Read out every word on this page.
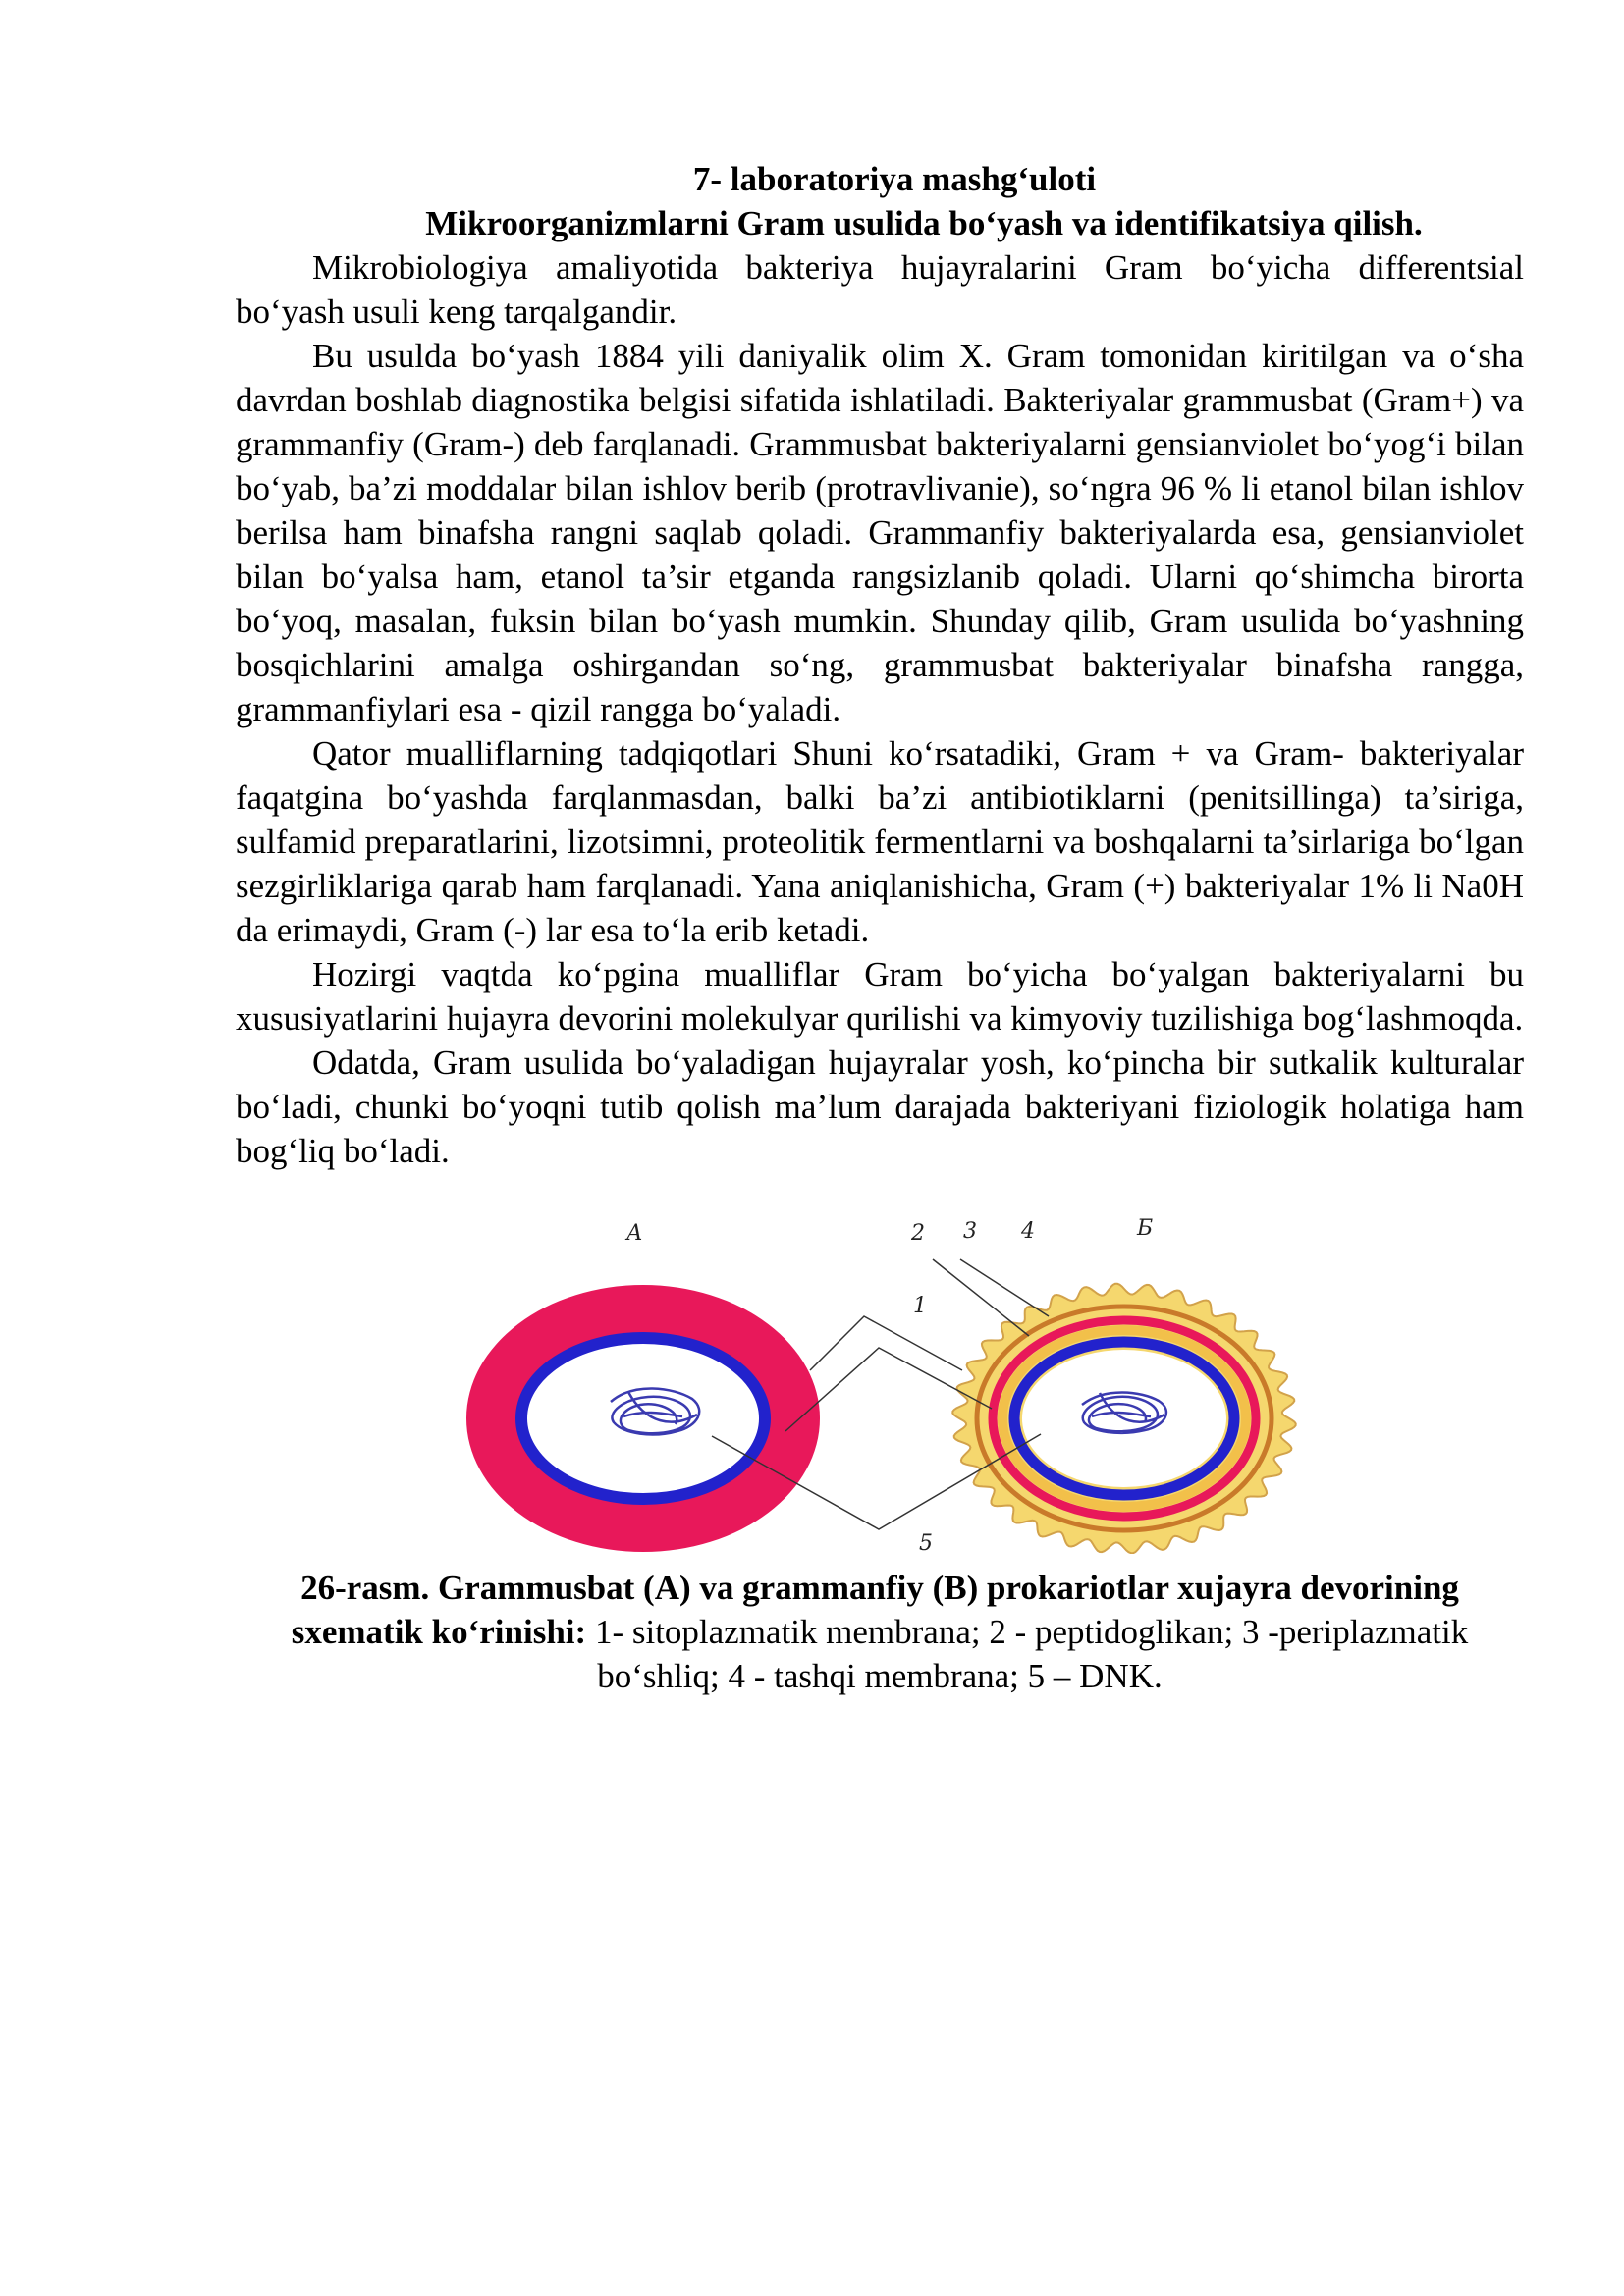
7- laboratoriya mashg‘uloti

Mikroorganizmlarni Gram usulida bo‘yash va identifikatsiya qilish.

Mikrobiologiya amaliyotida bakteriya hujayralarini Gram bo‘yicha differentsial bo‘yash usuli keng tarqalgandir.

Bu usulda bo‘yash 1884 yili daniyalik olim X. Gram tomonidan kiritilgan va o‘sha davrdan boshlab diagnostika belgisi sifatida ishlatiladi. Bakteriyalar grammusbat (Gram+) va grammanfiy (Gram-) deb farqlanadi. Grammusbat bakteriyalarni gensianviolet bo‘yog‘i bilan bo‘yab, ba’zi moddalar bilan ishlov berib (protravlivanie), so‘ngra 96 % li etanol bilan ishlov berilsa ham binafsha rangni saqlab qoladi. Grammanfiy bakteriyalarda esa, gensianviolet bilan bo‘yalsa ham, etanol ta’sir etganda rangsizlanib qoladi. Ularni qo‘shimcha birorta bo‘yoq, masalan, fuksin bilan bo‘yash mumkin. Shunday qilib, Gram usulida bo‘yashning bosqichlarini amalga oshirgandan so‘ng, grammusbat bakteriyalar binafsha rangga, grammanfiylari esa - qizil rangga bo‘yaladi.

Qator mualliflarning tadqiqotlari Shuni ko‘rsatadiki, Gram + va Gram- bakteriyalar faqatgina bo‘yashda farqlanmasdan, balki ba’zi antibiotiklarni (penitsillinga) ta’siriga, sulfamid preparatlarini, lizotsimni, proteolitik fermentlarni va boshqalarni ta’sirlariga bo‘lgan sezgirliklariga qarab ham farqlanadi. Yana aniqlanishicha, Gram (+) bakteriyalar 1% li Na0H da erimaydi, Gram (-) lar esa to‘la erib ketadi.

Hozirgi vaqtda ko‘pgina mualliflar Gram bo‘yicha bo‘yalgan bakteriyalarni bu xususiyatlarini hujayra devorini molekulyar qurilishi va kimyoviy tuzilishiga bog‘lashmoqda.

Odatda, Gram usulida bo‘yaladigan hujayralar yosh, ko‘pincha bir sutkalik kulturalar bo‘ladi, chunki bo‘yoqni tutib qolish ma’lum darajada bakteriyani fiziologik holatiga ham bog‘liq bo‘ladi.

А	Б
2 3 4
1
5

26-rasm. Grammusbat (A) va grammanfiy (B) prokariotlar xujayra devorining sxematik ko‘rinishi: 1- sitoplazmatik membrana; 2 - peptidoglikan; 3 -periplazmatik bo‘shliq; 4 - tashqi membrana; 5 – DNK.
